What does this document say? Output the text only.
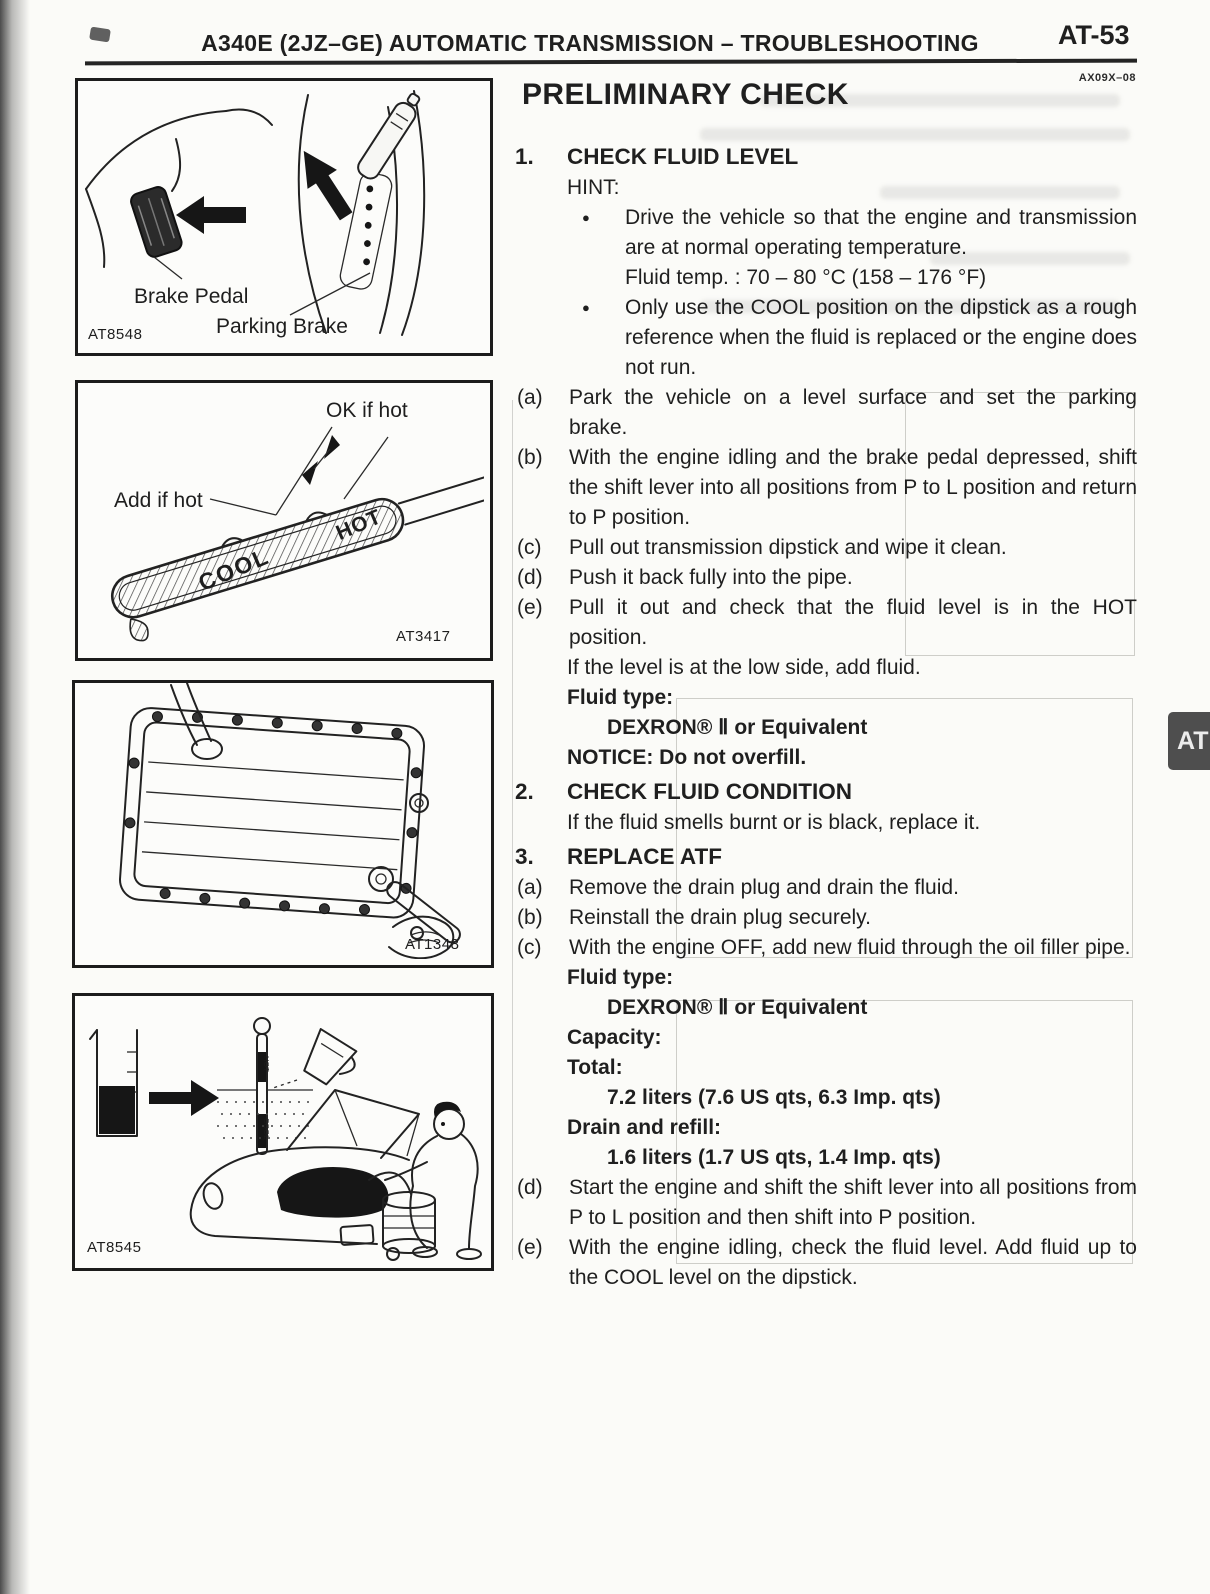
AT
A340E (2JZ–GE) AUTOMATIC TRANSMISSION – TROUBLESHOOTING	AT-53
AX09X–08
PRELIMINARY CHECK
Brake Pedal
Parking Brake
AT8548
COOL
HOT
OK if hot
Add if hot
AT3417
AT1348
HOT
COOL
AT8545
1.	CHECK FLUID LEVEL
HINT:
●	Drive the vehicle so that the engine and transmission are at normal operating temperature.
Fluid temp. : 70 – 80 °C (158 – 176 °F)
●	Only use the COOL position on the dipstick as a rough reference when the fluid is replaced or the engine does not run.
(a)	Park the vehicle on a level surface and set the parking brake.
(b)	With the engine idling and the brake pedal depressed, shift the shift lever into all positions from P to L position and return to P position.
(c)	Pull out transmission dipstick and wipe it clean.
(d)	Push it back fully into the pipe.
(e)	Pull it out and check that the fluid level is in the HOT position.
If the level is at the low side, add fluid.
Fluid type:
DEXRON® Ⅱ or Equivalent
NOTICE: Do not overfill.
2.	CHECK FLUID CONDITION
If the fluid smells burnt or is black, replace it.
3.	REPLACE ATF
(a)	Remove the drain plug and drain the fluid.
(b)	Reinstall the drain plug securely.
(c)	With the engine OFF, add new fluid through the oil filler pipe.
Fluid type:
DEXRON® Ⅱ or Equivalent
Capacity:
Total:
7.2 liters (7.6 US qts, 6.3 Imp. qts)
Drain and refill:
1.6 liters (1.7 US qts, 1.4 Imp. qts)
(d)	Start the engine and shift the shift lever into all positions from P to L position and then shift into P position.
(e)	With the engine idling, check the fluid level. Add fluid up to the COOL level on the dipstick.
